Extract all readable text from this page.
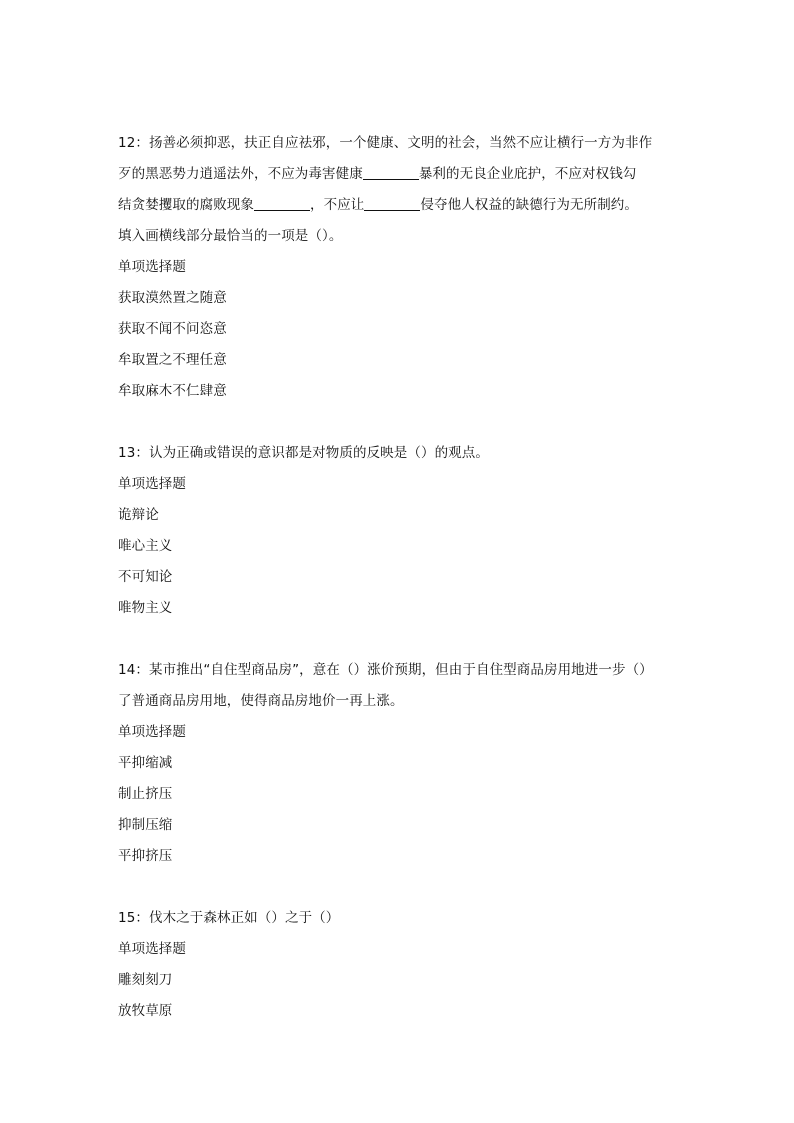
12：扬善必须抑恶，扶正自应祛邪，一个健康、文明的社会，当然不应让横行一方为非作
歹的黑恶势力逍遥法外，不应为毒害健康	暴利的无良企业庇护，不应对权钱勾
结贪婪攫取的腐败现象	，不应让	侵夺他人权益的缺德行为无所制约。
填入画横线部分最恰当的一项是（）。
单项选择题
获取漠然置之随意
获取不闻不问恣意
牟取置之不理任意
牟取麻木不仁肆意
13：认为正确或错误的意识都是对物质的反映是（）的观点。
单项选择题
诡辩论
唯心主义
不可知论
唯物主义
14：某市推出“自住型商品房”，意在（）涨价预期，但由于自住型商品房用地进一步（）
了普通商品房用地，使得商品房地价一再上涨。
单项选择题
平抑缩减
制止挤压
抑制压缩
平抑挤压
15：伐木之于森林正如（）之于（）
单项选择题
雕刻刻刀
放牧草原
